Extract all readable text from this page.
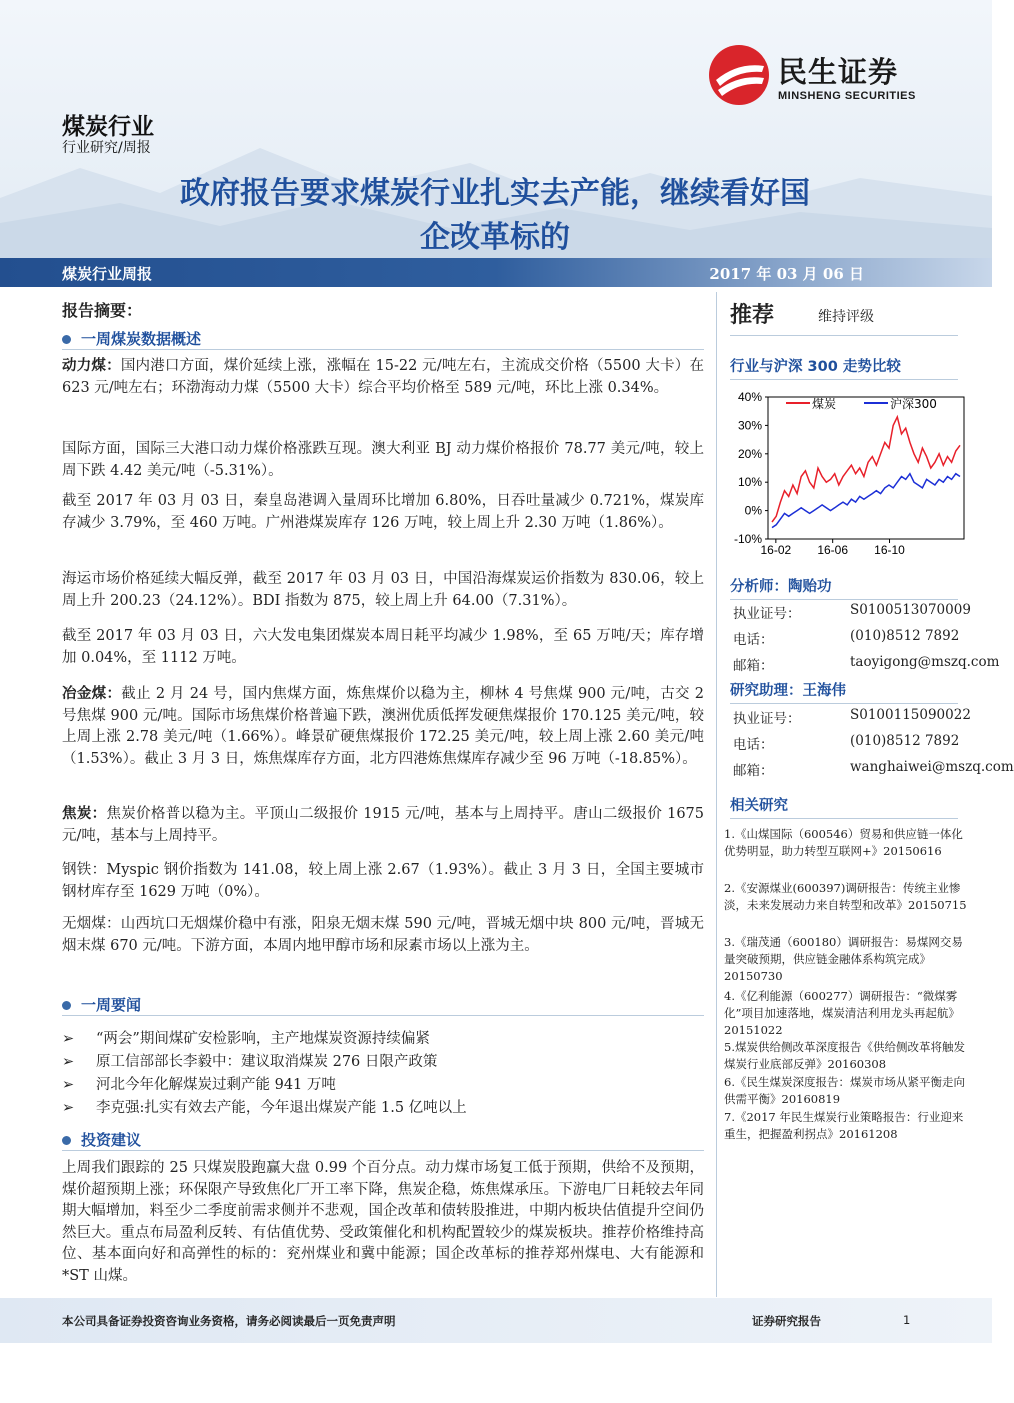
民生证券
MINSHENG SECURITIES
煤炭行业
行业研究/周报
政府报告要求煤炭行业扎实去产能，继续看好国
企改革标的
煤炭行业周报	2017 年 03 月 06 日
报告摘要：
一周煤炭数据概述
动力煤：国内港口方面，煤价延续上涨，涨幅在 15-22 元/吨左右，主流成交价格（5500 大卡）在 623 元/吨左右；环渤海动力煤（5500 大卡）综合平均价格至 589 元/吨，环比上涨 0.34%。
国际方面，国际三大港口动力煤价格涨跌互现。澳大利亚 BJ 动力煤价格报价 78.77 美元/吨，较上周下跌 4.42 美元/吨（-5.31%）。
截至 2017 年 03 月 03 日，秦皇岛港调入量周环比增加 6.80%，日吞吐量减少 0.721%，煤炭库存减少 3.79%，至 460 万吨。广州港煤炭库存 126 万吨，较上周上升 2.30 万吨（1.86%）。
海运市场价格延续大幅反弹，截至 2017 年 03 月 03 日，中国沿海煤炭运价指数为 830.06，较上周上升 200.23（24.12%）。BDI 指数为 875，较上周上升 64.00（7.31%）。
截至 2017 年 03 月 03 日，六大发电集团煤炭本周日耗平均减少 1.98%，至 65 万吨/天；库存增加 0.04%，至 1112 万吨。
冶金煤：截止 2 月 24 号，国内焦煤方面，炼焦煤价以稳为主，柳林 4 号焦煤 900 元/吨，古交 2 号焦煤 900 元/吨。国际市场焦煤价格普遍下跌，澳洲优质低挥发硬焦煤报价 170.125 美元/吨，较上周上涨 2.78 美元/吨（1.66%）。峰景矿硬焦煤报价 172.25 美元/吨，较上周上涨 2.60 美元/吨（1.53%）。截止 3 月 3 日，炼焦煤库存方面，北方四港炼焦煤库存减少至 96 万吨（-18.85%）。
焦炭：焦炭价格普以稳为主。平顶山二级报价 1915 元/吨，基本与上周持平。唐山二级报价 1675 元/吨，基本与上周持平。
钢铁：Myspic 钢价指数为 141.08，较上周上涨 2.67（1.93%）。截止 3 月 3 日，全国主要城市钢材库存至 1629 万吨（0%）。
无烟煤：山西坑口无烟煤价稳中有涨，阳泉无烟末煤 590 元/吨，晋城无烟中块 800 元/吨，晋城无烟末煤 670 元/吨。下游方面，本周内地甲醇市场和尿素市场以上涨为主。
一周要闻
➢ “两会”期间煤矿安检影响，主产地煤炭资源持续偏紧
➢ 原工信部部长李毅中：建议取消煤炭 276 日限产政策
➢ 河北今年化解煤炭过剩产能 941 万吨
➢ 李克强:扎实有效去产能，今年退出煤炭产能 1.5 亿吨以上
投资建议
上周我们跟踪的 25 只煤炭股跑赢大盘 0.99 个百分点。动力煤市场复工低于预期，供给不及预期，煤价超预期上涨；环保限产导致焦化厂开工率下降，焦炭企稳，炼焦煤承压。下游电厂日耗较去年同期大幅增加，料至少二季度前需求侧并不悲观，国企改革和债转股推进，中期内板块估值提升空间仍然巨大。重点布局盈利反转、有估值优势、受政策催化和机构配置较少的煤炭板块。推荐价格维持高位、基本面向好和高弹性的标的：兖州煤业和冀中能源；国企改革标的推荐郑州煤电、大有能源和*ST 山煤。
推荐	维持评级
行业与沪深 300 走势比较
40%
30%
20%
10%
0%
-10%
16-02 16-06 16-10
煤炭	沪深300
分析师：陶贻功
执业证号：	S0100513070009
电话：	(010)8512 7892
邮箱：	taoyigong@mszq.com
研究助理：王海伟
执业证号：	S0100115090022
电话：	(010)8512 7892
邮箱：	wanghaiwei@mszq.com
相关研究
1.《山煤国际（600546）贸易和供应链一体化优势明显，助力转型互联网+》20150616
2.《安源煤业(600397)调研报告：传统主业惨淡，未来发展动力来自转型和改革》20150715
3.《瑞茂通（600180）调研报告：易煤网交易量突破预期，供应链金融体系构筑完成》20150730
4.《亿利能源（600277）调研报告：“微煤雾化”项目加速落地，煤炭清洁利用龙头再起航》20151022
5.煤炭供给侧改革深度报告《供给侧改革将触发煤炭行业底部反弹》20160308
6.《民生煤炭深度报告：煤炭市场从紧平衡走向供需平衡》20160819
7.《2017 年民生煤炭行业策略报告：行业迎来重生，把握盈利拐点》20161208
本公司具备证券投资咨询业务资格，请务必阅读最后一页免责声明	证券研究报告	1
